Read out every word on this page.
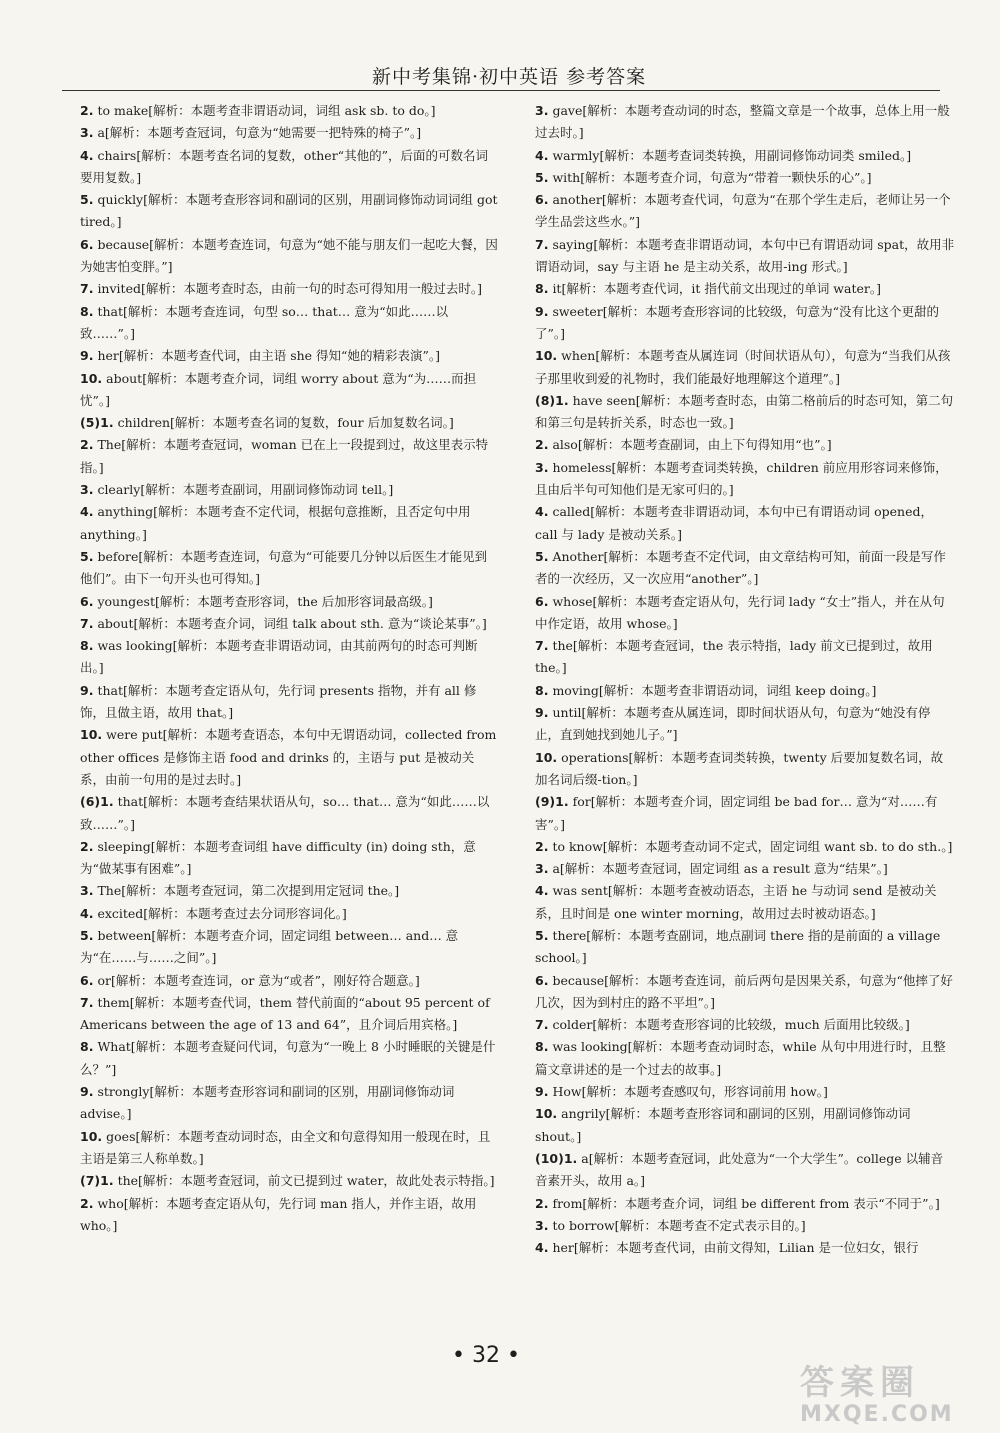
新中考集锦·初中英语 参考答案
2. to make[解析：本题考查非谓语动词，词组 ask sb. to do。]
3. a[解析：本题考查冠词，句意为“她需要一把特殊的椅子”。]
4. chairs[解析：本题考查名词的复数，other“其他的”，后面的可数名词要用复数。]
5. quickly[解析：本题考查形容词和副词的区别，用副词修饰动词词组 got tired。]
6. because[解析：本题考查连词，句意为“她不能与朋友们一起吃大餐，因为她害怕变胖。”]
7. invited[解析：本题考查时态，由前一句的时态可得知用一般过去时。]
8. that[解析：本题考查连词，句型 so… that… 意为“如此……以致……”。]
9. her[解析：本题考查代词，由主语 she 得知“她的精彩表演”。]
10. about[解析：本题考查介词，词组 worry about 意为“为……而担忧”。]
(5)1. children[解析：本题考查名词的复数，four 后加复数名词。]
2. The[解析：本题考查冠词，woman 已在上一段提到过，故这里表示特指。]
3. clearly[解析：本题考查副词，用副词修饰动词 tell。]
4. anything[解析：本题考查不定代词，根据句意推断，且否定句中用 anything。]
5. before[解析：本题考查连词，句意为“可能要几分钟以后医生才能见到他们”。由下一句开头也可得知。]
6. youngest[解析：本题考查形容词，the 后加形容词最高级。]
7. about[解析：本题考查介词，词组 talk about sth. 意为“谈论某事”。]
8. was looking[解析：本题考查非谓语动词，由其前两句的时态可判断出。]
9. that[解析：本题考查定语从句，先行词 presents 指物，并有 all 修饰，且做主语，故用 that。]
10. were put[解析：本题考查语态，本句中无谓语动词，collected from other offices 是修饰主语 food and drinks 的，主语与 put 是被动关系，由前一句用的是过去时。]
(6)1. that[解析：本题考查结果状语从句，so… that… 意为“如此……以致……”。]
2. sleeping[解析：本题考查词组 have difficulty (in) doing sth，意为“做某事有困难”。]
3. The[解析：本题考查冠词，第二次提到用定冠词 the。]
4. excited[解析：本题考查过去分词形容词化。]
5. between[解析：本题考查介词，固定词组 between… and… 意为“在……与……之间”。]
6. or[解析：本题考查连词，or 意为“或者”，刚好符合题意。]
7. them[解析：本题考查代词，them 替代前面的“about 95 percent of Americans between the age of 13 and 64”，且介词后用宾格。]
8. What[解析：本题考查疑问代词，句意为“一晚上 8 小时睡眠的关键是什么？”]
9. strongly[解析：本题考查形容词和副词的区别，用副词修饰动词 advise。]
10. goes[解析：本题考查动词时态，由全文和句意得知用一般现在时，且主语是第三人称单数。]
(7)1. the[解析：本题考查冠词，前文已提到过 water，故此处表示特指。]
2. who[解析：本题考查定语从句，先行词 man 指人，并作主语，故用 who。]
3. gave[解析：本题考查动词的时态，整篇文章是一个故事，总体上用一般过去时。]
4. warmly[解析：本题考查词类转换，用副词修饰动词类 smiled。]
5. with[解析：本题考查介词，句意为“带着一颗快乐的心”。]
6. another[解析：本题考查代词，句意为“在那个学生走后，老师让另一个学生品尝这些水。”]
7. saying[解析：本题考查非谓语动词，本句中已有谓语动词 spat，故用非谓语动词，say 与主语 he 是主动关系，故用-ing 形式。]
8. it[解析：本题考查代词，it 指代前文出现过的单词 water。]
9. sweeter[解析：本题考查形容词的比较级，句意为“没有比这个更甜的了”。]
10. when[解析：本题考查从属连词（时间状语从句），句意为“当我们从孩子那里收到爱的礼物时，我们能最好地理解这个道理”。]
(8)1. have seen[解析：本题考查时态，由第二格前后的时态可知，第二句和第三句是转折关系，时态也一致。]
2. also[解析：本题考查副词，由上下句得知用“也”。]
3. homeless[解析：本题考查词类转换，children 前应用形容词来修饰，且由后半句可知他们是无家可归的。]
4. called[解析：本题考查非谓语动词，本句中已有谓语动词 opened，call 与 lady 是被动关系。]
5. Another[解析：本题考查不定代词，由文章结构可知，前面一段是写作者的一次经历，又一次应用“another”。]
6. whose[解析：本题考查定语从句，先行词 lady “女士”指人，并在从句中作定语，故用 whose。]
7. the[解析：本题考查冠词，the 表示特指，lady 前文已提到过，故用 the。]
8. moving[解析：本题考查非谓语动词，词组 keep doing。]
9. until[解析：本题考查从属连词，即时间状语从句，句意为“她没有停止，直到她找到她儿子。”]
10. operations[解析：本题考查词类转换，twenty 后要加复数名词，故加名词后缀-tion。]
(9)1. for[解析：本题考查介词，固定词组 be bad for… 意为“对……有害”。]
2. to know[解析：本题考查动词不定式，固定词组 want sb. to do sth.。]
3. a[解析：本题考查冠词，固定词组 as a result 意为“结果”。]
4. was sent[解析：本题考查被动语态，主语 he 与动词 send 是被动关系，且时间是 one winter morning，故用过去时被动语态。]
5. there[解析：本题考查副词，地点副词 there 指的是前面的 a village school。]
6. because[解析：本题考查连词，前后两句是因果关系，句意为“他摔了好几次，因为到村庄的路不平坦”。]
7. colder[解析：本题考查形容词的比较级，much 后面用比较级。]
8. was looking[解析：本题考查动词时态，while 从句中用进行时，且整篇文章讲述的是一个过去的故事。]
9. How[解析：本题考查感叹句，形容词前用 how。]
10. angrily[解析：本题考查形容词和副词的区别，用副词修饰动词 shout。]
(10)1. a[解析：本题考查冠词，此处意为“一个大学生”。college 以辅音音素开头，故用 a。]
2. from[解析：本题考查介词，词组 be different from 表示“不同于”。]
3. to borrow[解析：本题考查不定式表示目的。]
4. her[解析：本题考查代词，由前文得知，Lilian 是一位妇女，银行
• 32 •
答案圈
MXQE.COM
